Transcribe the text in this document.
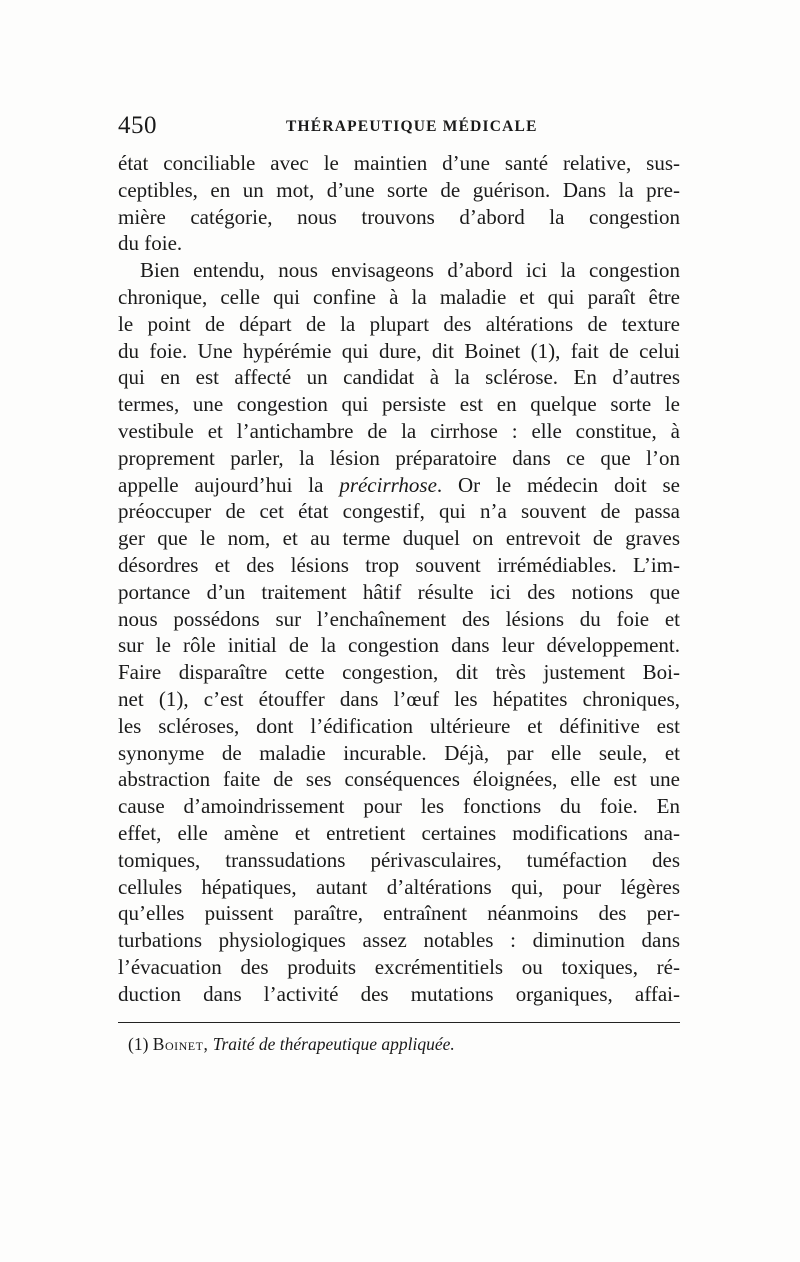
450	THÉRAPEUTIQUE MÉDICALE
état conciliable avec le maintien d’une santé relative, sus-
ceptibles, en un mot, d’une sorte de guérison. Dans la pre-
mière catégorie, nous trouvons d’abord la congestion
du foie.
Bien entendu, nous envisageons d’abord ici la congestion
chronique, celle qui confine à la maladie et qui paraît être
le point de départ de la plupart des altérations de texture
du foie. Une hypérémie qui dure, dit Boinet (1), fait de celui
qui en est affecté un candidat à la sclérose. En d’autres
termes, une congestion qui persiste est en quelque sorte le
vestibule et l’antichambre de la cirrhose : elle constitue, à
proprement parler, la lésion préparatoire dans ce que l’on
appelle aujourd’hui la précirrhose. Or le médecin doit se
préoccuper de cet état congestif, qui n’a souvent de passa
ger que le nom, et au terme duquel on entrevoit de graves
désordres et des lésions trop souvent irrémédiables. L’im-
portance d’un traitement hâtif résulte ici des notions que
nous possédons sur l’enchaînement des lésions du foie et
sur le rôle initial de la congestion dans leur développement.
Faire disparaître cette congestion, dit très justement Boi-
net (1), c’est étouffer dans l’œuf les hépatites chroniques,
les scléroses, dont l’édification ultérieure et définitive est
synonyme de maladie incurable. Déjà, par elle seule, et
abstraction faite de ses conséquences éloignées, elle est une
cause d’amoindrissement pour les fonctions du foie. En
effet, elle amène et entretient certaines modifications ana-
tomiques, transsudations périvasculaires, tuméfaction des
cellules hépatiques, autant d’altérations qui, pour légères
qu’elles puissent paraître, entraînent néanmoins des per-
turbations physiologiques assez notables : diminution dans
l’évacuation des produits excrémentitiels ou toxiques, ré-
duction dans l’activité des mutations organiques, affai-
(1) Boinet, Traité de thérapeutique appliquée.
